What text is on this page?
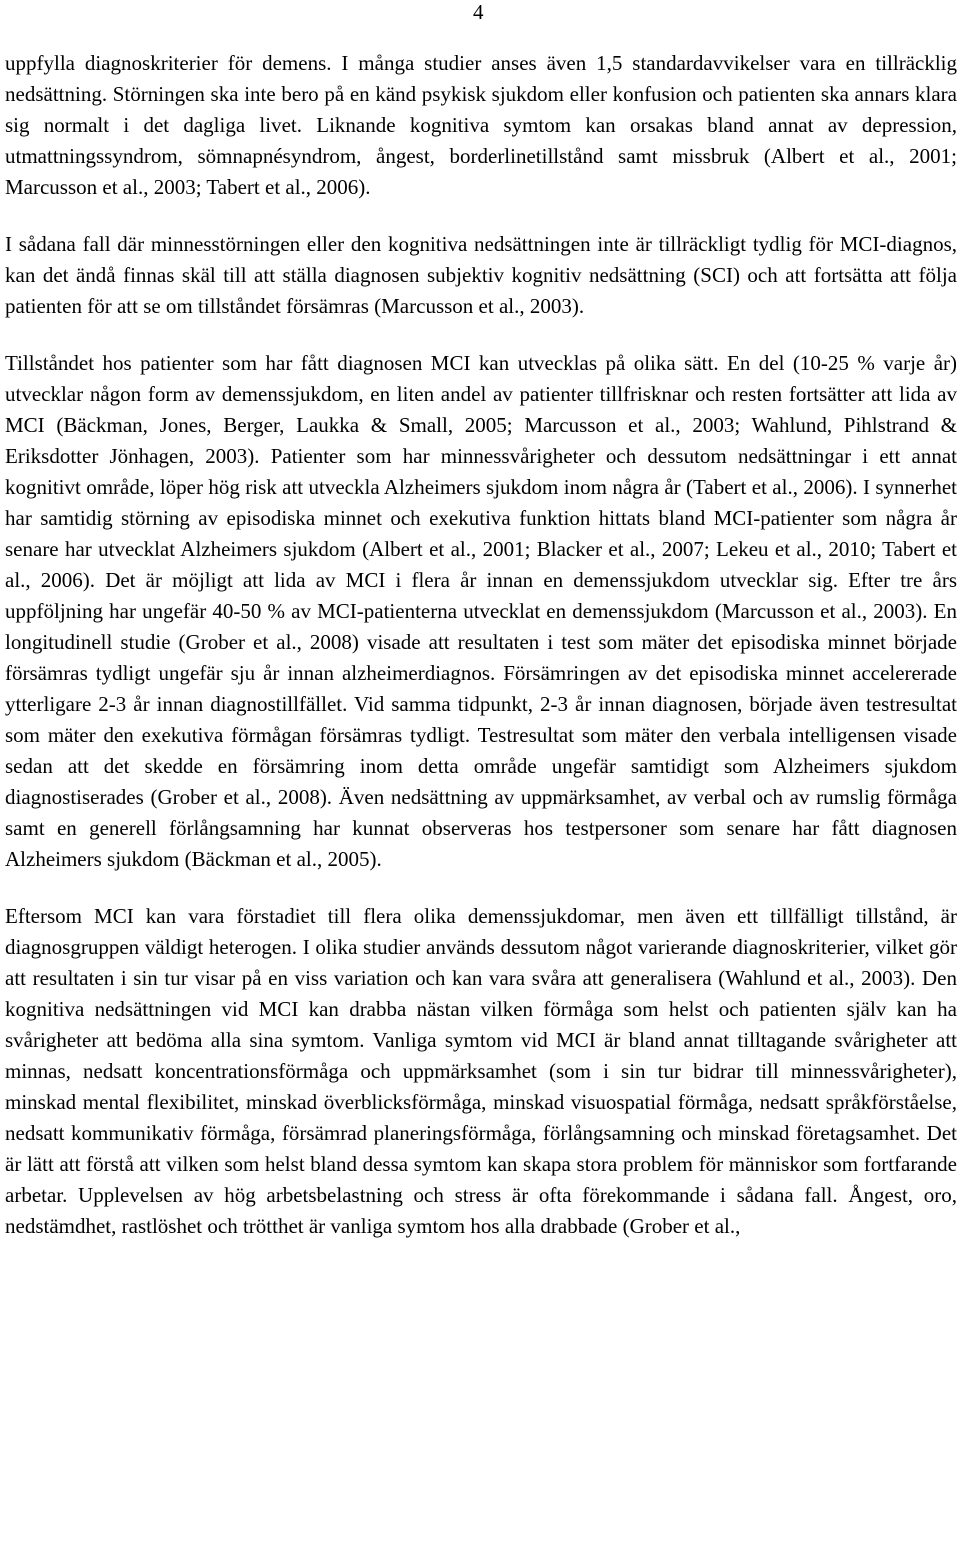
4

uppfylla diagnoskriterier för demens. I många studier anses även 1,5 standardavvikelser vara en tillräcklig nedsättning. Störningen ska inte bero på en känd psykisk sjukdom eller konfusion och patienten ska annars klara sig normalt i det dagliga livet. Liknande kognitiva symtom kan orsakas bland annat av depression, utmattningssyndrom, sömnapnésyndrom, ångest, borderlinetillstånd samt missbruk (Albert et al., 2001; Marcusson et al., 2003; Tabert et al., 2006).

I sådana fall där minnesstörningen eller den kognitiva nedsättningen inte är tillräckligt tydlig för MCI-diagnos, kan det ändå finnas skäl till att ställa diagnosen subjektiv kognitiv nedsättning (SCI) och att fortsätta att följa patienten för att se om tillståndet försämras (Marcusson et al., 2003).

Tillståndet hos patienter som har fått diagnosen MCI kan utvecklas på olika sätt. En del (10-25 % varje år) utvecklar någon form av demenssjukdom, en liten andel av patienter tillfrisknar och resten fortsätter att lida av MCI (Bäckman, Jones, Berger, Laukka & Small, 2005; Marcusson et al., 2003; Wahlund, Pihlstrand & Eriksdotter Jönhagen, 2003). Patienter som har minnessvårigheter och dessutom nedsättningar i ett annat kognitivt område, löper hög risk att utveckla Alzheimers sjukdom inom några år (Tabert et al., 2006). I synnerhet har samtidig störning av episodiska minnet och exekutiva funktion hittats bland MCI-patienter som några år senare har utvecklat Alzheimers sjukdom (Albert et al., 2001; Blacker et al., 2007; Lekeu et al., 2010; Tabert et al., 2006). Det är möjligt att lida av MCI i flera år innan en demenssjukdom utvecklar sig. Efter tre års uppföljning har ungefär 40-50 % av MCI-patienterna utvecklat en demenssjukdom (Marcusson et al., 2003). En longitudinell studie (Grober et al., 2008) visade att resultaten i test som mäter det episodiska minnet började försämras tydligt ungefär sju år innan alzheimerdiagnos. Försämringen av det episodiska minnet accelererade ytterligare 2-3 år innan diagnostillfället. Vid samma tidpunkt, 2-3 år innan diagnosen, började även testresultat som mäter den exekutiva förmågan försämras tydligt. Testresultat som mäter den verbala intelligensen visade sedan att det skedde en försämring inom detta område ungefär samtidigt som Alzheimers sjukdom diagnostiserades (Grober et al., 2008). Även nedsättning av uppmärksamhet, av verbal och av rumslig förmåga samt en generell förlångsamning har kunnat observeras hos testpersoner som senare har fått diagnosen Alzheimers sjukdom (Bäckman et al., 2005).

Eftersom MCI kan vara förstadiet till flera olika demenssjukdomar, men även ett tillfälligt tillstånd, är diagnosgruppen väldigt heterogen. I olika studier används dessutom något varierande diagnoskriterier, vilket gör att resultaten i sin tur visar på en viss variation och kan vara svåra att generalisera (Wahlund et al., 2003). Den kognitiva nedsättningen vid MCI kan drabba nästan vilken förmåga som helst och patienten själv kan ha svårigheter att bedöma alla sina symtom. Vanliga symtom vid MCI är bland annat tilltagande svårigheter att minnas, nedsatt koncentrationsförmåga och uppmärksamhet (som i sin tur bidrar till minnessvårigheter), minskad mental flexibilitet, minskad överblicksförmåga, minskad visuospatial förmåga, nedsatt språkförståelse, nedsatt kommunikativ förmåga, försämrad planeringsförmåga, förlångsamning och minskad företagsamhet. Det är lätt att förstå att vilken som helst bland dessa symtom kan skapa stora problem för människor som fortfarande arbetar. Upplevelsen av hög arbetsbelastning och stress är ofta förekommande i sådana fall. Ångest, oro, nedstämdhet, rastlöshet och trötthet är vanliga symtom hos alla drabbade (Grober et al.,
